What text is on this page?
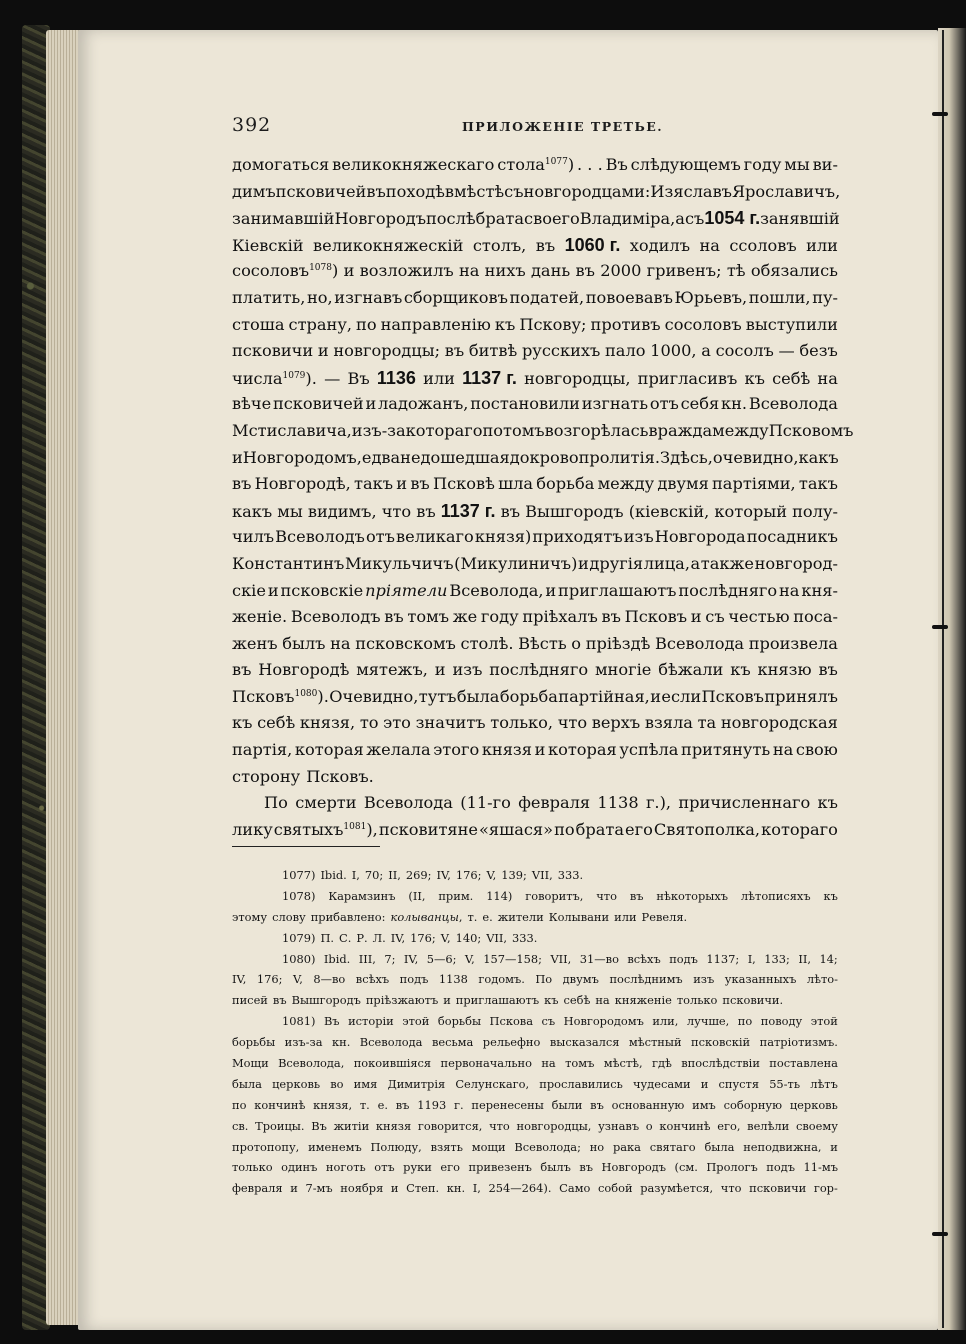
392	ПРИЛОЖЕНІЕ ТРЕТЬЕ.
домогаться великокняжескаго стола$^{1077}$) . . . Въ слѣдующемъ году мы ви-
димъ псковичей въ походѣ вмѣстѣ съ новгородцами: Изяславъ Ярославичъ,
занимавшій Новгородъ послѣ брата своего Владиміра, а съ 1054 г. занявшій
Кіевскій великокняжескій столъ, въ 1060 г. ходилъ на ссоловъ или
сосоловъ$^{1078}$) и возложилъ на нихъ дань въ 2000 гривенъ; тѣ обязались
платить, но, изгнавъ сборщиковъ податей, повоевавъ Юрьевъ, пошли, пу-
стоша страну, по направленію къ Пскову; противъ сосоловъ выступили
псковичи и новгородцы; въ битвѣ русскихъ пало 1000, а сосолъ — безъ
числа$^{1079}$). — Въ 1136 или 1137 г. новгородцы, пригласивъ къ себѣ на
вѣче псковичей и ладожанъ, постановили изгнать отъ себя кн. Всеволода
Мстиславича, изъ-за котораго потомъ возгорѣлась вражда между Псковомъ
и Новгородомъ, едва не дошедшая до кровопролитія. Здѣсь, очевидно, какъ
въ Новгородѣ, такъ и въ Псковѣ шла борьба между двумя партіями, такъ
какъ мы видимъ, что въ 1137 г. въ Вышгородъ (кіевскій, который полу-
чилъ Всеволодъ отъ великаго князя) приходятъ изъ Новгорода посадникъ
Константинъ Микульчичъ (Микулиничъ) и другія лица, а также новгород-
скіе и псковскіе пріятели Всеволода, и приглашаютъ послѣдняго на кня-
женіе. Всеволодъ въ томъ же году пріѣхалъ въ Псковъ и съ честью поса-
женъ былъ на псковскомъ столѣ. Вѣсть о пріѣздѣ Всеволода произвела
въ Новгородѣ мятежъ, и изъ послѣдняго многіе бѣжали къ князю въ
Псковъ$^{1080}$). Очевидно, тутъ была борьба партійная, и если Псковъ принялъ
къ себѣ князя, то это значитъ только, что верхъ взяла та новгородская
партія, которая желала этого князя и которая успѣла притянуть на свою
сторону Псковъ.
По смерти Всеволода (11-го февраля 1138 г.), причисленнаго къ
лику святыхъ$^{1081}$), псковитяне «яшася» по брата его Святополка, котораго
1077) Ibid. I, 70; II, 269; IV, 176; V, 139; VII, 333.
1078) Карамзинъ (II, прим. 114) говоритъ, что въ нѣкоторыхъ лѣтописяхъ къ
этому слову прибавлено: колыванцы, т. е. жители Колывани или Ревеля.
1079) П. С. Р. Л. IV, 176; V, 140; VII, 333.
1080) Ibid. III, 7; IV, 5—6; V, 157—158; VII, 31—во всѣхъ подъ 1137; I, 133; II, 14;
IV, 176; V, 8—во всѣхъ подъ 1138 годомъ. По двумъ послѣднимъ изъ указанныхъ лѣто-
писей въ Вышгородъ пріѣзжаютъ и приглашаютъ къ себѣ на княженіе только псковичи.
1081) Въ исторіи этой борьбы Пскова съ Новгородомъ или, лучше, по поводу этой
борьбы изъ-за кн. Всеволода весьма рельефно высказался мѣстный псковскій патріотизмъ.
Мощи Всеволода, покоившіяся первоначально на томъ мѣстѣ, гдѣ впослѣдствіи поставлена
была церковь во имя Димитрія Селунскаго, прославились чудесами и спустя 55-ть лѣтъ
по кончинѣ князя, т. е. въ 1193 г. перенесены были въ основанную имъ соборную церковь
св. Троицы. Въ житіи князя говорится, что новгородцы, узнавъ о кончинѣ его, велѣли своему
протопопу, именемъ Полюду, взять мощи Всеволода; но рака святаго была неподвижна, и
только одинъ ноготь отъ руки его привезенъ былъ въ Новгородъ (см. Прологъ подъ 11-мъ
февраля и 7-мъ ноября и Степ. кн. I, 254—264). Само собой разумѣется, что псковичи гор-
